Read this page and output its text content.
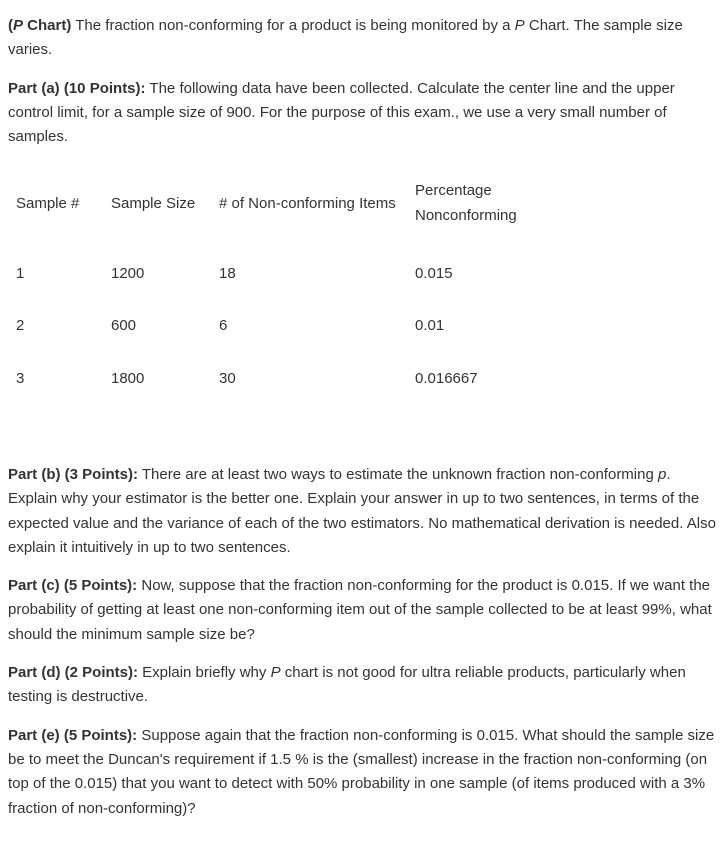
(P Chart) The fraction non-conforming for a product is being monitored by a P Chart. The sample size varies.

Part (a) (10 Points): The following data have been collected. Calculate the center line and the upper control limit, for a sample size of 900. For the purpose of this exam., we use a very small number of samples.

Sample #	Sample Size	# of Non-conforming Items	Percentage Nonconforming
1	1200	18	0.015
2	600	6	0.01
3	1800	30	0.016667

Part (b) (3 Points): There are at least two ways to estimate the unknown fraction non-conforming p. Explain why your estimator is the better one. Explain your answer in up to two sentences, in terms of the expected value and the variance of each of the two estimators. No mathematical derivation is needed. Also explain it intuitively in up to two sentences.

Part (c) (5 Points): Now, suppose that the fraction non-conforming for the product is 0.015. If we want the probability of getting at least one non-conforming item out of the sample collected to be at least 99%, what should the minimum sample size be?

Part (d) (2 Points): Explain briefly why P chart is not good for ultra reliable products, particularly when testing is destructive.

Part (e) (5 Points): Suppose again that the fraction non-conforming is 0.015. What should the sample size be to meet the Duncan's requirement if 1.5 % is the (smallest) increase in the fraction non-conforming (on top of the 0.015) that you want to detect with 50% probability in one sample (of items produced with a 3% fraction of non-conforming)?
